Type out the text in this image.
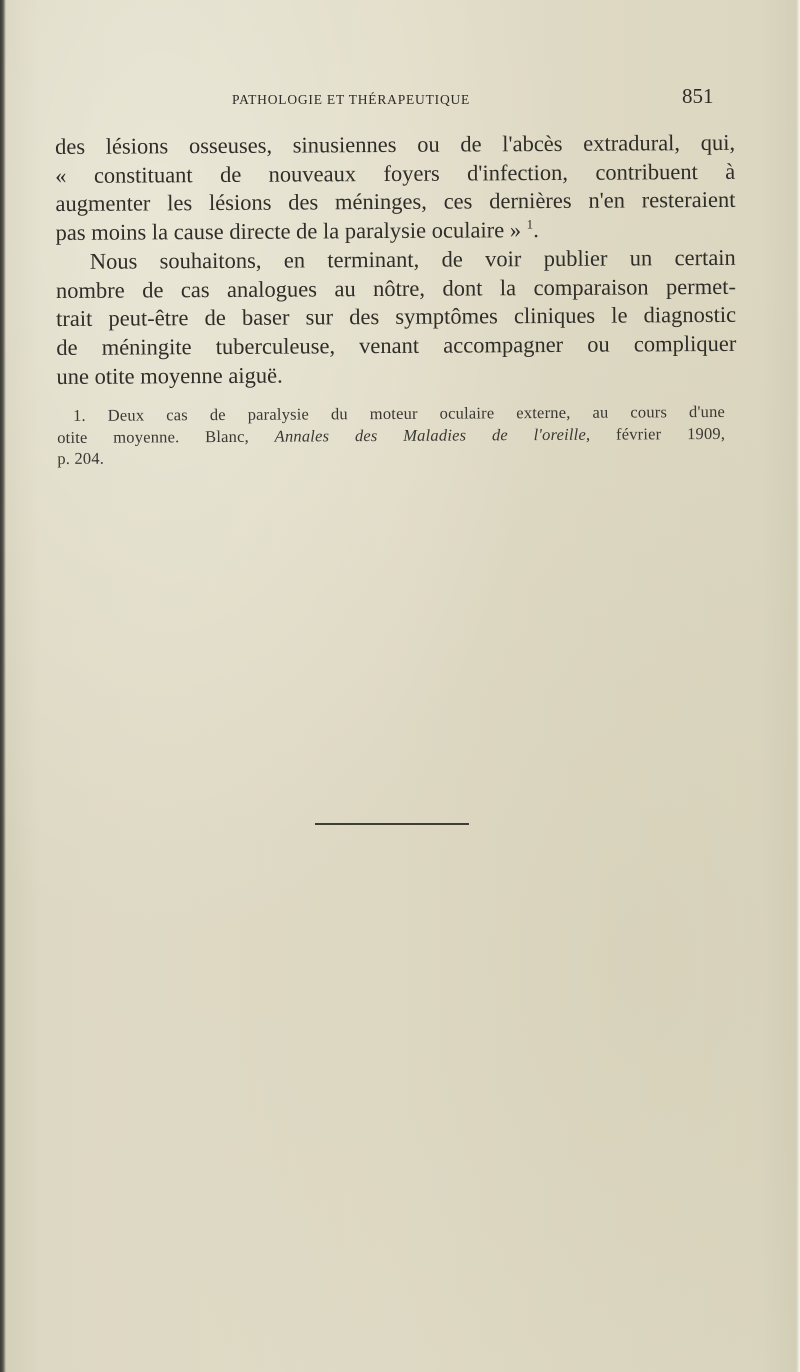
PATHOLOGIE ET THÉRAPEUTIQUE	851
des lésions osseuses, sinusiennes ou de l'abcès extradural, qui,
« constituant de nouveaux foyers d'infection, contribuent à
augmenter les lésions des méninges, ces dernières n'en resteraient
pas moins la cause directe de la paralysie oculaire » $^1$.
Nous souhaitons, en terminant, de voir publier un certain
nombre de cas analogues au nôtre, dont la comparaison permet-
trait peut-être de baser sur des symptômes cliniques le diagnostic
de méningite tuberculeuse, venant accompagner ou compliquer
une otite moyenne aiguë.
1. Deux cas de paralysie du moteur oculaire externe, au cours d'une
otite moyenne. Blanc, Annales des Maladies de l'oreille, février 1909,
p. 204.
